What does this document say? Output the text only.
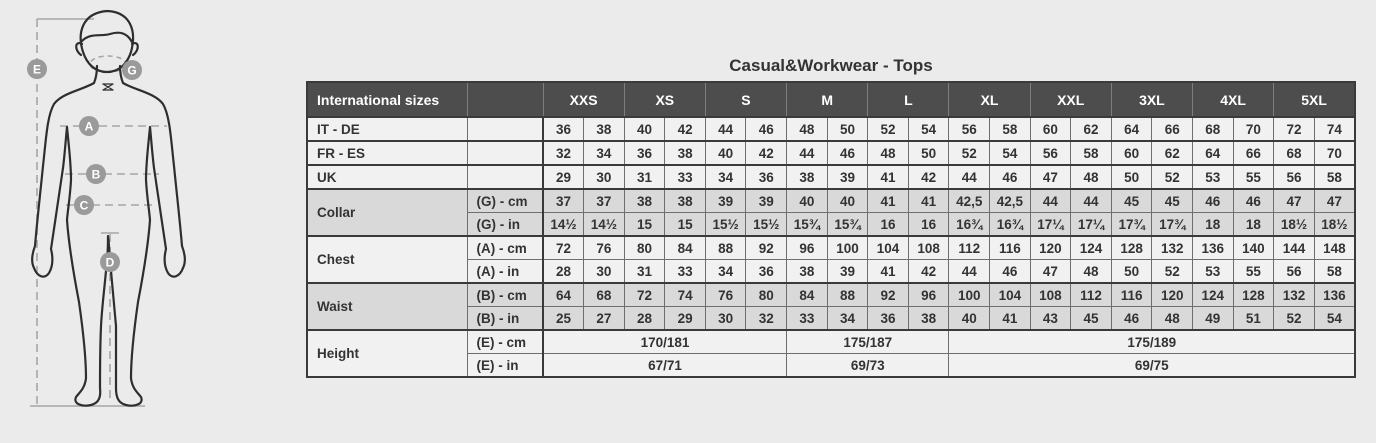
E	G
A
B
C
D
Casual&Workwear - Tops
International sizes		XXS		XS		S		M		L		XL		XXL		3XL		4XL		5XL	
IT - DE		36	38	40	42	44	46	48	50	52	54	56	58	60	62	64	66	68	70	72	74
FR - ES		32	34	36	38	40	42	44	46	48	50	52	54	56	58	60	62	64	66	68	70
UK		29	30	31	33	34	36	38	39	41	42	44	46	47	48	50	52	53	55	56	58
Collar	(G) - cm	37	37	38	38	39	39	40	40	41	41	42,5	42,5	44	44	45	45	46	46	47	47
	(G) - in	14½	14½	15	15	15½	15½	15¾	15¾	16	16	16¾	16¾	17¼	17¼	17¾	17¾	18	18	18½	18½
Chest	(A) - cm	72	76	80	84	88	92	96	100	104	108	112	116	120	124	128	132	136	140	144	148
	(A) - in	28	30	31	33	34	36	38	39	41	42	44	46	47	48	50	52	53	55	56	58
Waist	(B) - cm	64	68	72	74	76	80	84	88	92	96	100	104	108	112	116	120	124	128	132	136
	(B) - in	25	27	28	29	30	32	33	34	36	38	40	41	43	45	46	48	49	51	52	54
Height	(E) - cm	170/181						175/187				175/189									
	(E) - in	67/71						69/73				69/75									
